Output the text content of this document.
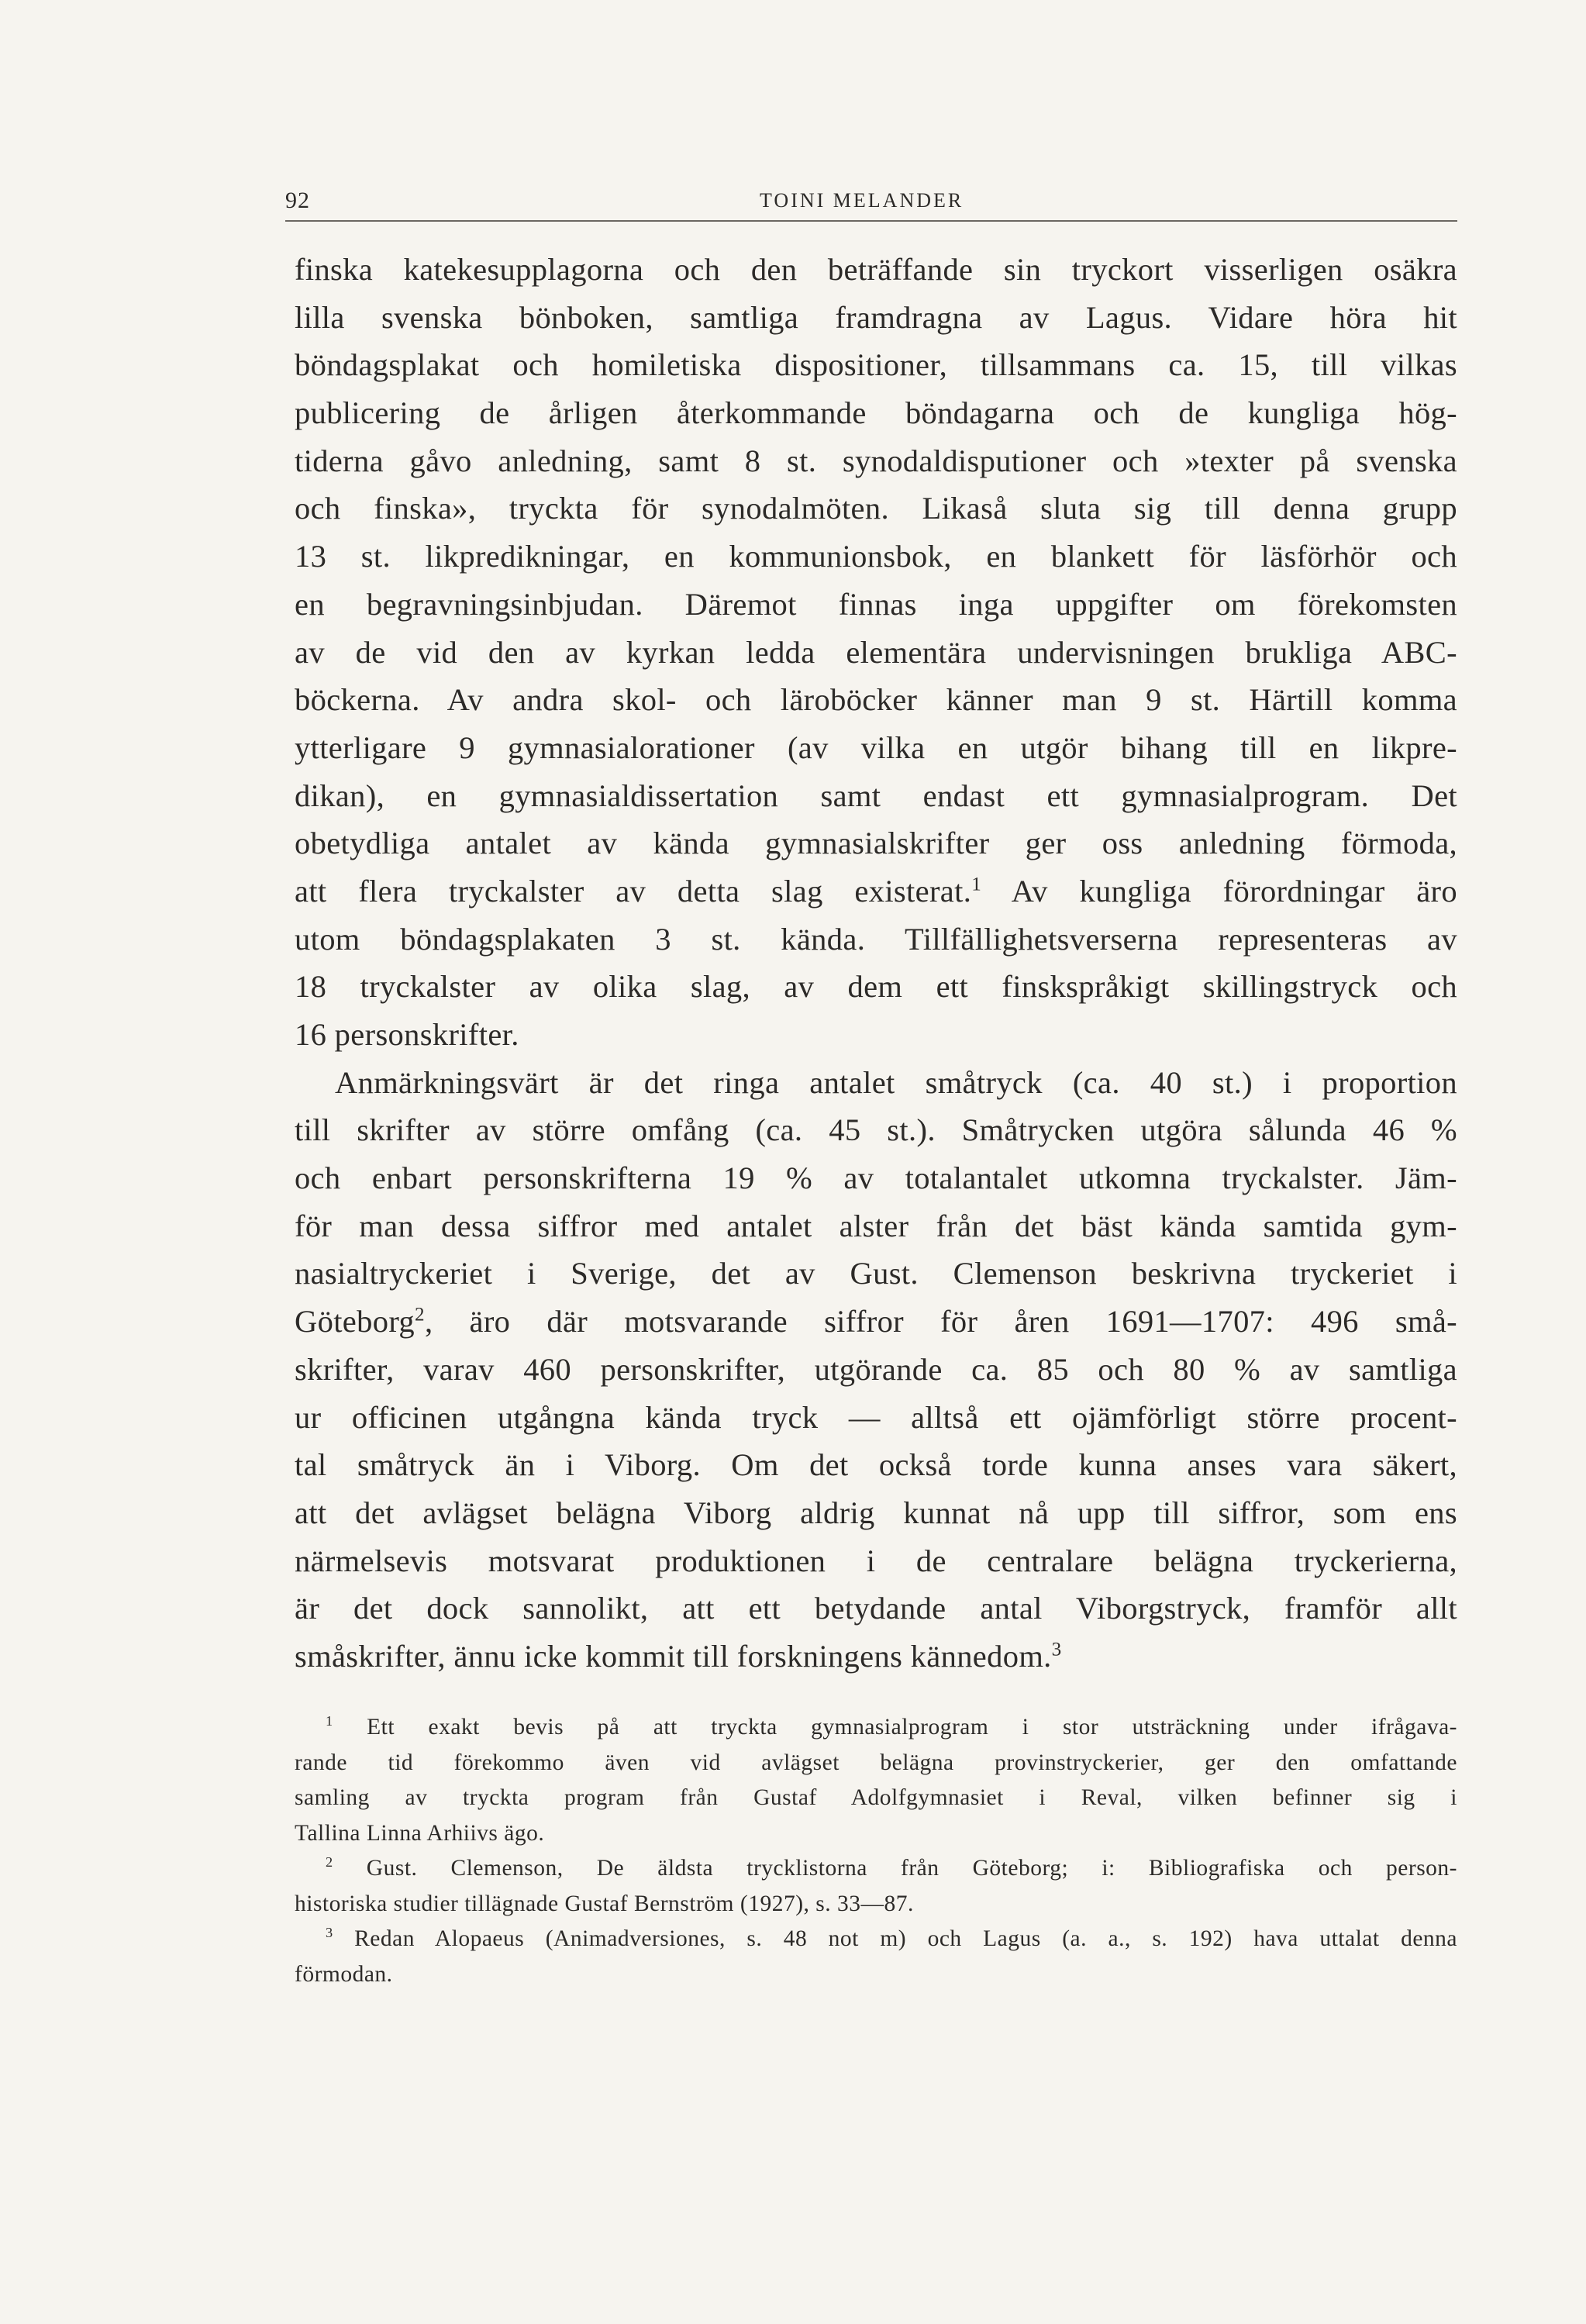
92	TOINI MELANDER
finska katekesupplagorna och den beträffande sin tryckort visserligen osäkra
lilla svenska bönboken, samtliga framdragna av Lagus. Vidare höra hit
böndagsplakat och homiletiska dispositioner, tillsammans ca. 15, till vilkas
publicering de årligen återkommande böndagarna och de kungliga hög-
tiderna gåvo anledning, samt 8 st. synodaldisputioner och »texter på svenska
och finska», tryckta för synodalmöten. Likaså sluta sig till denna grupp
13 st. likpredikningar, en kommunionsbok, en blankett för läsförhör och
en begravningsinbjudan. Däremot finnas inga uppgifter om förekomsten
av de vid den av kyrkan ledda elementära undervisningen brukliga ABC-
böckerna. Av andra skol- och läroböcker känner man 9 st. Härtill komma
ytterligare 9 gymnasialorationer (av vilka en utgör bihang till en likpre-
dikan), en gymnasialdissertation samt endast ett gymnasialprogram. Det
obetydliga antalet av kända gymnasialskrifter ger oss anledning förmoda,
att flera tryckalster av detta slag existerat.$^1$ Av kungliga förordningar äro
utom böndagsplakaten 3 st. kända. Tillfällighetsverserna representeras av
18 tryckalster av olika slag, av dem ett finskspråkigt skillingstryck och
16 personskrifter.
Anmärkningsvärt är det ringa antalet småtryck (ca. 40 st.) i proportion
till skrifter av större omfång (ca. 45 st.). Småtrycken utgöra sålunda 46 %
och enbart personskrifterna 19 % av totalantalet utkomna tryckalster. Jäm-
för man dessa siffror med antalet alster från det bäst kända samtida gym-
nasialtryckeriet i Sverige, det av Gust. Clemenson beskrivna tryckeriet i
Göteborg$^2$, äro där motsvarande siffror för åren 1691—1707: 496 små-
skrifter, varav 460 personskrifter, utgörande ca. 85 och 80 % av samtliga
ur officinen utgångna kända tryck — alltså ett ojämförligt större procent-
tal småtryck än i Viborg. Om det också torde kunna anses vara säkert,
att det avlägset belägna Viborg aldrig kunnat nå upp till siffror, som ens
närmelsevis motsvarat produktionen i de centralare belägna tryckerierna,
är det dock sannolikt, att ett betydande antal Viborgstryck, framför allt
småskrifter, ännu icke kommit till forskningens kännedom.$^3$
$^1$ Ett exakt bevis på att tryckta gymnasialprogram i stor utsträckning under ifrågava-
rande tid förekommo även vid avlägset belägna provinstryckerier, ger den omfattande
samling av tryckta program från Gustaf Adolfgymnasiet i Reval, vilken befinner sig i
Tallina Linna Arhiivs ägo.
$^2$ Gust. Clemenson, De äldsta trycklistorna från Göteborg; i: Bibliografiska och person-
historiska studier tillägnade Gustaf Bernström (1927), s. 33—87.
$^3$ Redan Alopaeus (Animadversiones, s. 48 not m) och Lagus (a. a., s. 192) hava uttalat denna
förmodan.
